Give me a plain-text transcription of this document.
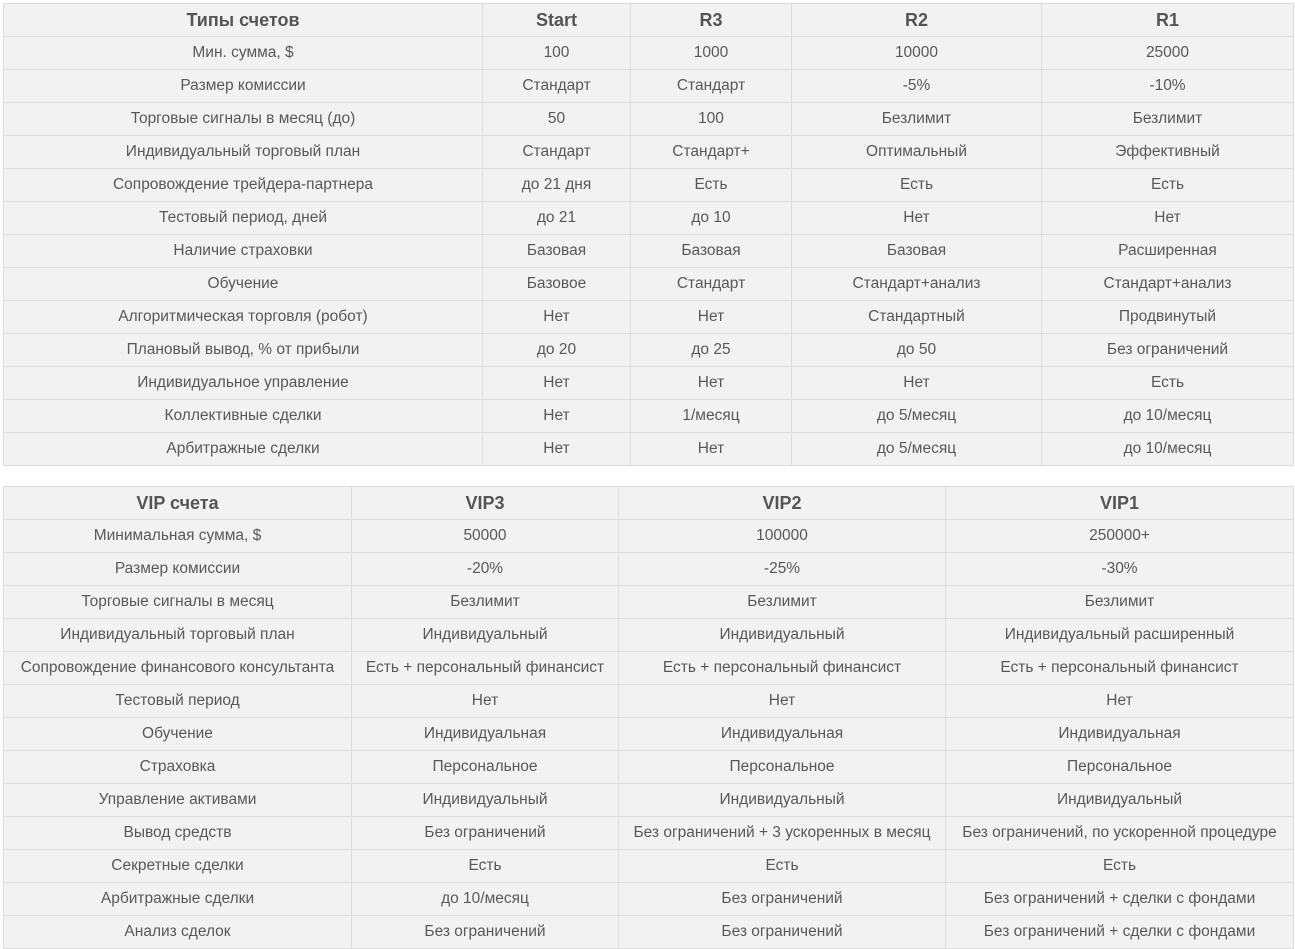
Типы счетов	Start	R3	R2	R1
Мин. сумма, $	100	1000	10000	25000
Размер комиссии	Стандарт	Стандарт	-5%	-10%
Торговые сигналы в месяц (до)	50	100	Безлимит	Безлимит
Индивидуальный торговый план	Стандарт	Стандарт+	Оптимальный	Эффективный
Сопровождение трейдера-партнера	до 21 дня	Есть	Есть	Есть
Тестовый период, дней	до 21	до 10	Нет	Нет
Наличие страховки	Базовая	Базовая	Базовая	Расширенная
Обучение	Базовое	Стандарт	Стандарт+анализ	Стандарт+анализ
Алгоритмическая торговля (робот)	Нет	Нет	Стандартный	Продвинутый
Плановый вывод, % от прибыли	до 20	до 25	до 50	Без ограничений
Индивидуальное управление	Нет	Нет	Нет	Есть
Коллективные сделки	Нет	1/месяц	до 5/месяц	до 10/месяц
Арбитражные сделки	Нет	Нет	до 5/месяц	до 10/месяц
VIP счета	VIP3	VIP2	VIP1
Минимальная сумма, $	50000	100000	250000+
Размер комиссии	-20%	-25%	-30%
Торговые сигналы в месяц	Безлимит	Безлимит	Безлимит
Индивидуальный торговый план	Индивидуальный	Индивидуальный	Индивидуальный расширенный
Сопровождение финансового консультанта	Есть + персональный финансист	Есть + персональный финансист	Есть + персональный финансист
Тестовый период	Нет	Нет	Нет
Обучение	Индивидуальная	Индивидуальная	Индивидуальная
Страховка	Персональное	Персональное	Персональное
Управление активами	Индивидуальный	Индивидуальный	Индивидуальный
Вывод средств	Без ограничений	Без ограничений + 3 ускоренных в месяц	Без ограничений, по ускоренной процедуре
Секретные сделки	Есть	Есть	Есть
Арбитражные сделки	до 10/месяц	Без ограничений	Без ограничений + сделки с фондами
Анализ сделок	Без ограничений	Без ограничений	Без ограничений + сделки с фондами
